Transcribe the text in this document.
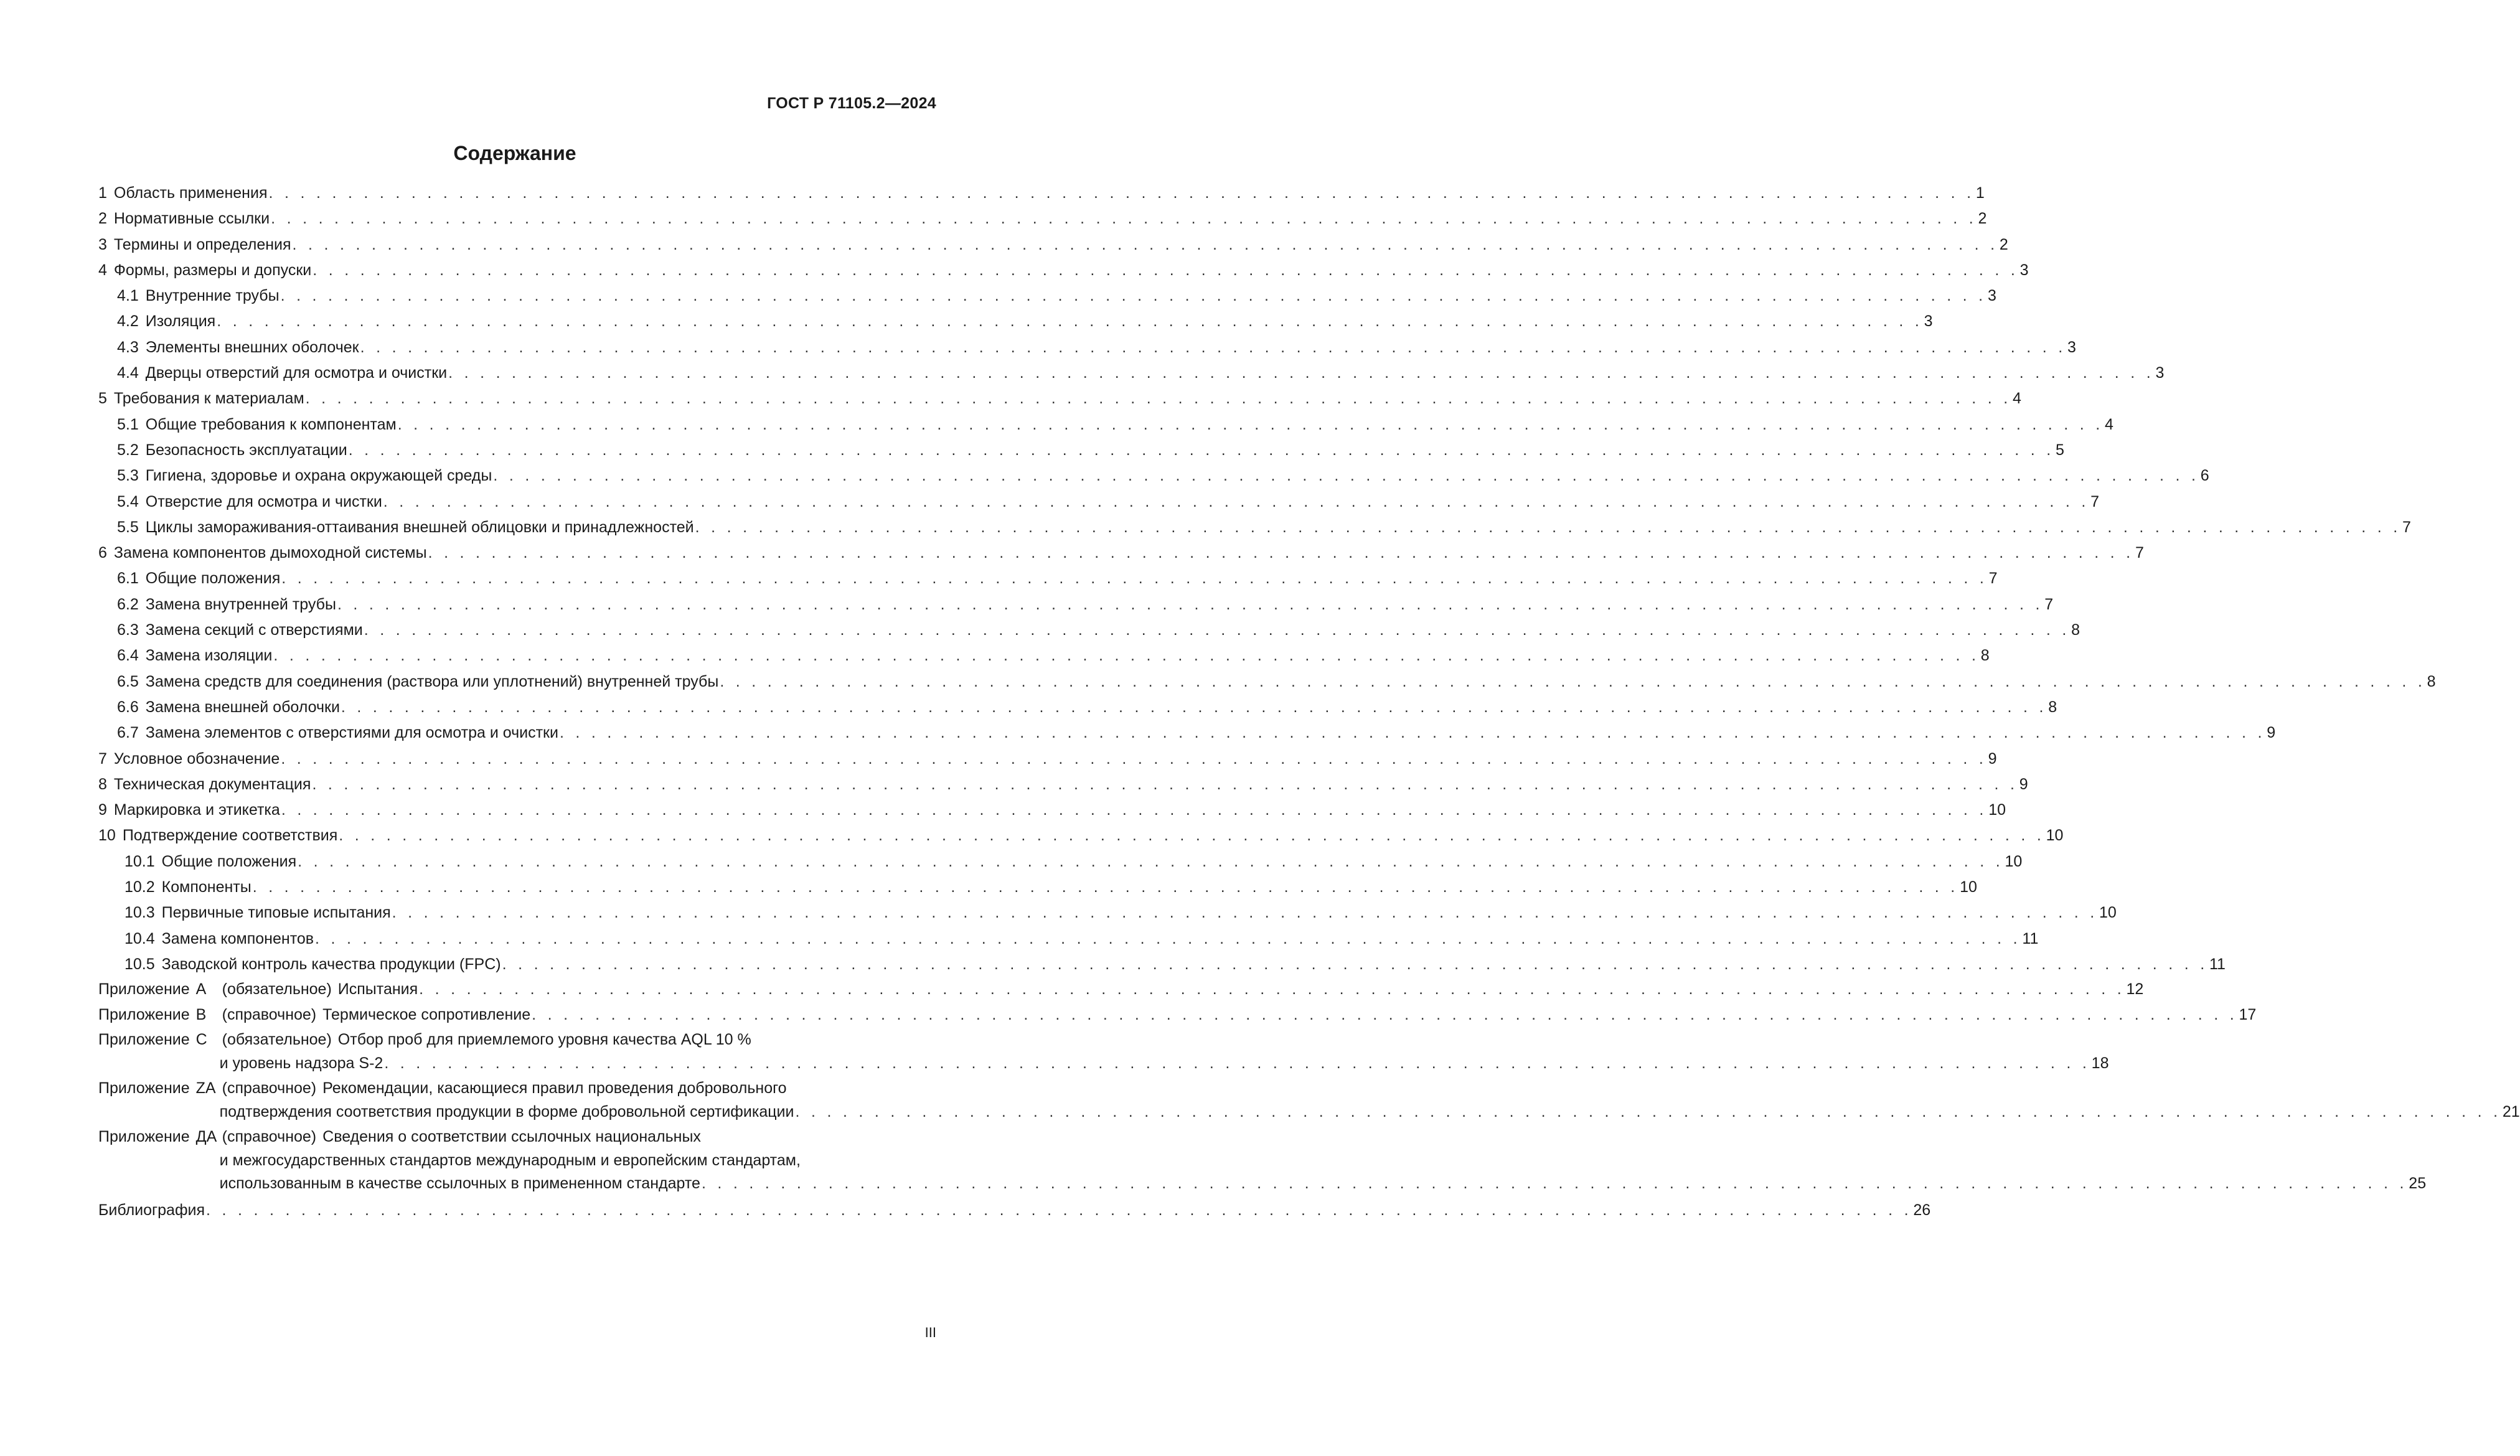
ГОСТ Р 71105.2—2024
Содержание
1 Область применения . . . . . . . . . . . . . . . . . . . . . . . . . . . . . . . . . . . . . . . . . . . . . . . . . . . . . . . . . . . . . . . . . . . . . . . . . . . . . . . . . . . . . . . . . . . . . . . . . . . . . . . . . . . . 1
2 Нормативные ссылки . . . . . . . . . . . . . . . . . . . . . . . . . . . . . . . . . . . . . . . . . . . . . . . . . . . . . . . . . . . . . . . . . . . . . . . . . . . . . . . . . . . . . . . . . . . . . . . . . . . . . . . . . . . . 2
3 Термины и определения . . . . . . . . . . . . . . . . . . . . . . . . . . . . . . . . . . . . . . . . . . . . . . . . . . . . . . . . . . . . . . . . . . . . . . . . . . . . . . . . . . . . . . . . . . . . . . . . . . . . . . . . . . . . 2
4 Формы, размеры и допуски . . . . . . . . . . . . . . . . . . . . . . . . . . . . . . . . . . . . . . . . . . . . . . . . . . . . . . . . . . . . . . . . . . . . . . . . . . . . . . . . . . . . . . . . . . . . . . . . . . . . . . . . . . . . 3
4.1 Внутренние трубы . . . . . . . . . . . . . . . . . . . . . . . . . . . . . . . . . . . . . . . . . . . . . . . . . . . . . . . . . . . . . . . . . . . . . . . . . . . . . . . . . . . . . . . . . . . . . . . . . . . . . . . . . . . . 3
4.2 Изоляция . . . . . . . . . . . . . . . . . . . . . . . . . . . . . . . . . . . . . . . . . . . . . . . . . . . . . . . . . . . . . . . . . . . . . . . . . . . . . . . . . . . . . . . . . . . . . . . . . . . . . . . . . . . . 3
4.3 Элементы внешних оболочек . . . . . . . . . . . . . . . . . . . . . . . . . . . . . . . . . . . . . . . . . . . . . . . . . . . . . . . . . . . . . . . . . . . . . . . . . . . . . . . . . . . . . . . . . . . . . . . . . . . . . . . . . . . . 3
4.4 Дверцы отверстий для осмотра и очистки . . . . . . . . . . . . . . . . . . . . . . . . . . . . . . . . . . . . . . . . . . . . . . . . . . . . . . . . . . . . . . . . . . . . . . . . . . . . . . . . . . . . . . . . . . . . . . . . . . . . . . . . . . . . 3
5 Требования к материалам . . . . . . . . . . . . . . . . . . . . . . . . . . . . . . . . . . . . . . . . . . . . . . . . . . . . . . . . . . . . . . . . . . . . . . . . . . . . . . . . . . . . . . . . . . . . . . . . . . . . . . . . . . . . 4
5.1 Общие требования к компонентам . . . . . . . . . . . . . . . . . . . . . . . . . . . . . . . . . . . . . . . . . . . . . . . . . . . . . . . . . . . . . . . . . . . . . . . . . . . . . . . . . . . . . . . . . . . . . . . . . . . . . . . . . . . . 4
5.2 Безопасность эксплуатации . . . . . . . . . . . . . . . . . . . . . . . . . . . . . . . . . . . . . . . . . . . . . . . . . . . . . . . . . . . . . . . . . . . . . . . . . . . . . . . . . . . . . . . . . . . . . . . . . . . . . . . . . . . . 5
5.3 Гигиена, здоровье и охрана окружающей среды . . . . . . . . . . . . . . . . . . . . . . . . . . . . . . . . . . . . . . . . . . . . . . . . . . . . . . . . . . . . . . . . . . . . . . . . . . . . . . . . . . . . . . . . . . . . . . . . . . . . . . . . . . . . 6
5.4 Отверстие для осмотра и чистки . . . . . . . . . . . . . . . . . . . . . . . . . . . . . . . . . . . . . . . . . . . . . . . . . . . . . . . . . . . . . . . . . . . . . . . . . . . . . . . . . . . . . . . . . . . . . . . . . . . . . . . . . . . . 7
5.5 Циклы замораживания-оттаивания внешней облицовки и принадлежностей . . . . . . . . . . . . . . . . . . . . . . . . . . . . . . . . . . . . . . . . . . . . . . . . . . . . . . . . . . . . . . . . . . . . . . . . . . . . . . . . . . . . . . . . . . . . . . . . . . . . . . . . . . . . 7
6 Замена компонентов дымоходной системы . . . . . . . . . . . . . . . . . . . . . . . . . . . . . . . . . . . . . . . . . . . . . . . . . . . . . . . . . . . . . . . . . . . . . . . . . . . . . . . . . . . . . . . . . . . . . . . . . . . . . . . . . . . . 7
6.1 Общие положения . . . . . . . . . . . . . . . . . . . . . . . . . . . . . . . . . . . . . . . . . . . . . . . . . . . . . . . . . . . . . . . . . . . . . . . . . . . . . . . . . . . . . . . . . . . . . . . . . . . . . . . . . . . . 7
6.2 Замена внутренней трубы . . . . . . . . . . . . . . . . . . . . . . . . . . . . . . . . . . . . . . . . . . . . . . . . . . . . . . . . . . . . . . . . . . . . . . . . . . . . . . . . . . . . . . . . . . . . . . . . . . . . . . . . . . . . 7
6.3 Замена секций с отверстиями . . . . . . . . . . . . . . . . . . . . . . . . . . . . . . . . . . . . . . . . . . . . . . . . . . . . . . . . . . . . . . . . . . . . . . . . . . . . . . . . . . . . . . . . . . . . . . . . . . . . . . . . . . . . 8
6.4 Замена изоляции . . . . . . . . . . . . . . . . . . . . . . . . . . . . . . . . . . . . . . . . . . . . . . . . . . . . . . . . . . . . . . . . . . . . . . . . . . . . . . . . . . . . . . . . . . . . . . . . . . . . . . . . . . . . 8
6.5 Замена средств для соединения (раствора или уплотнений) внутренней трубы . . . . . . . . . . . . . . . . . . . . . . . . . . . . . . . . . . . . . . . . . . . . . . . . . . . . . . . . . . . . . . . . . . . . . . . . . . . . . . . . . . . . . . . . . . . . . . . . . . . . . . . . . . . . 8
6.6 Замена внешней оболочки . . . . . . . . . . . . . . . . . . . . . . . . . . . . . . . . . . . . . . . . . . . . . . . . . . . . . . . . . . . . . . . . . . . . . . . . . . . . . . . . . . . . . . . . . . . . . . . . . . . . . . . . . . . . 8
6.7 Замена элементов с отверстиями для осмотра и очистки . . . . . . . . . . . . . . . . . . . . . . . . . . . . . . . . . . . . . . . . . . . . . . . . . . . . . . . . . . . . . . . . . . . . . . . . . . . . . . . . . . . . . . . . . . . . . . . . . . . . . . . . . . . . 9
7 Условное обозначение . . . . . . . . . . . . . . . . . . . . . . . . . . . . . . . . . . . . . . . . . . . . . . . . . . . . . . . . . . . . . . . . . . . . . . . . . . . . . . . . . . . . . . . . . . . . . . . . . . . . . . . . . . . . 9
8 Техническая документация . . . . . . . . . . . . . . . . . . . . . . . . . . . . . . . . . . . . . . . . . . . . . . . . . . . . . . . . . . . . . . . . . . . . . . . . . . . . . . . . . . . . . . . . . . . . . . . . . . . . . . . . . . . . 9
9 Маркировка и этикетка . . . . . . . . . . . . . . . . . . . . . . . . . . . . . . . . . . . . . . . . . . . . . . . . . . . . . . . . . . . . . . . . . . . . . . . . . . . . . . . . . . . . . . . . . . . . . . . . . . . . . . . . . . . . 10
10 Подтверждение соответствия . . . . . . . . . . . . . . . . . . . . . . . . . . . . . . . . . . . . . . . . . . . . . . . . . . . . . . . . . . . . . . . . . . . . . . . . . . . . . . . . . . . . . . . . . . . . . . . . . . . . . . . . . . . . 10
10.1 Общие положения . . . . . . . . . . . . . . . . . . . . . . . . . . . . . . . . . . . . . . . . . . . . . . . . . . . . . . . . . . . . . . . . . . . . . . . . . . . . . . . . . . . . . . . . . . . . . . . . . . . . . . . . . . . . 10
10.2 Компоненты . . . . . . . . . . . . . . . . . . . . . . . . . . . . . . . . . . . . . . . . . . . . . . . . . . . . . . . . . . . . . . . . . . . . . . . . . . . . . . . . . . . . . . . . . . . . . . . . . . . . . . . . . . . . 10
10.3 Первичные типовые испытания . . . . . . . . . . . . . . . . . . . . . . . . . . . . . . . . . . . . . . . . . . . . . . . . . . . . . . . . . . . . . . . . . . . . . . . . . . . . . . . . . . . . . . . . . . . . . . . . . . . . . . . . . . . . 10
10.4 Замена компонентов . . . . . . . . . . . . . . . . . . . . . . . . . . . . . . . . . . . . . . . . . . . . . . . . . . . . . . . . . . . . . . . . . . . . . . . . . . . . . . . . . . . . . . . . . . . . . . . . . . . . . . . . . . . . 11
10.5 Заводской контроль качества продукции (FPC) . . . . . . . . . . . . . . . . . . . . . . . . . . . . . . . . . . . . . . . . . . . . . . . . . . . . . . . . . . . . . . . . . . . . . . . . . . . . . . . . . . . . . . . . . . . . . . . . . . . . . . . . . . . . 11
Приложение А (обязательное) Испытания . . . . . . . . . . . . . . . . . . . . . . . . . . . . . . . . . . . . . . . . . . . . . . . . . . . . . . . . . . . . . . . . . . . . . . . . . . . . . . . . . . . . . . . . . . . . . . . . . . . . . . . . . . . . 12
Приложение В (справочное) Термическое сопротивление . . . . . . . . . . . . . . . . . . . . . . . . . . . . . . . . . . . . . . . . . . . . . . . . . . . . . . . . . . . . . . . . . . . . . . . . . . . . . . . . . . . . . . . . . . . . . . . . . . . . . . . . . . . . 17
Приложение С (обязательное) Отбор проб для приемлемого уровня качества AQL 10 %
и уровень надзора S-2 . . . . . . . . . . . . . . . . . . . . . . . . . . . . . . . . . . . . . . . . . . . . . . . . . . . . . . . . . . . . . . . . . . . . . . . . . . . . . . . . . . . . . . . . . . . . . . . . . . . . . . . . . . . . 18
Приложение ZA (справочное) Рекомендации, касающиеся правил проведения добровольного
подтверждения соответствия продукции в форме добровольной сертификации . . . . . . . . . . . . . . . . . . . . . . . . . . . . . . . . . . . . . . . . . . . . . . . . . . . . . . . . . . . . . . . . . . . . . . . . . . . . . . . . . . . . . . . . . . . . . . . . . . . . . . . . . . . . 21
Приложение ДА (справочное) Сведения о соответствии ссылочных национальных
и межгосударственных стандартов международным и европейским стандартам,
использованным в качестве ссылочных в примененном стандарте . . . . . . . . . . . . . . . . . . . . . . . . . . . . . . . . . . . . . . . . . . . . . . . . . . . . . . . . . . . . . . . . . . . . . . . . . . . . . . . . . . . . . . . . . . . . . . . . . . . . . . . . . . . . 25
Библиография . . . . . . . . . . . . . . . . . . . . . . . . . . . . . . . . . . . . . . . . . . . . . . . . . . . . . . . . . . . . . . . . . . . . . . . . . . . . . . . . . . . . . . . . . . . . . . . . . . . . . . . . . . . . 26
III
